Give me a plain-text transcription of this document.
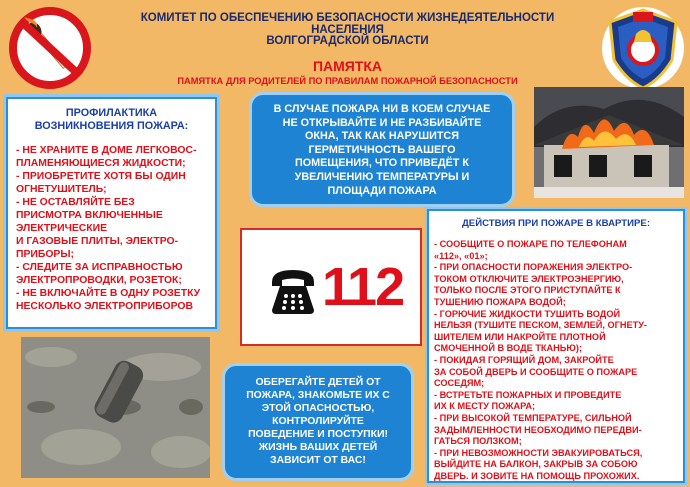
КОМИТЕТ ПО ОБЕСПЕЧЕНИЮ БЕЗОПАСНОСТИ ЖИЗНЕДЕЯТЕЛЬНОСТИ НАСЕЛЕНИЯ
ВОЛГОГРАДСКОЙ ОБЛАСТИ
ПАМЯТКА
ПАМЯТКА ДЛЯ РОДИТЕЛЕЙ ПО ПРАВИЛАМ ПОЖАРНОЙ БЕЗОПАСНОСТИ
ПРОФИЛАКТИКА
ВОЗНИКНОВЕНИЯ ПОЖАРА:
- НЕ ХРАНИТЕ В ДОМЕ ЛЕГКОВОС-
ПЛАМЕНЯЮЩИЕСЯ ЖИДКОСТИ;
- ПРИОБРЕТИТЕ ХОТЯ БЫ ОДИН
ОГНЕТУШИТЕЛЬ;
- НЕ ОСТАВЛЯЙТЕ БЕЗ
ПРИСМОТРА ВКЛЮЧЕННЫЕ
ЭЛЕКТРИЧЕСКИЕ
И ГАЗОВЫЕ ПЛИТЫ, ЭЛЕКТРО-
ПРИБОРЫ;
- СЛЕДИТЕ ЗА ИСПРАВНОСТЬЮ
ЭЛЕКТРОПРОВОДКИ, РОЗЕТОК;
- НЕ ВКЛЮЧАЙТЕ В ОДНУ РОЗЕТКУ
НЕСКОЛЬКО ЭЛЕКТРОПРИБОРОВ
В СЛУЧАЕ ПОЖАРА НИ В КОЕМ СЛУЧАЕ
НЕ ОТКРЫВАЙТЕ И НЕ РАЗБИВАЙТЕ
ОКНА, ТАК КАК НАРУШИТСЯ
ГЕРМЕТИЧНОСТЬ ВАШЕГО
ПОМЕЩЕНИЯ, ЧТО ПРИВЕДЁТ К
УВЕЛИЧЕНИЮ ТЕМПЕРАТУРЫ И
ПЛОЩАДИ ПОЖАРА
112
ДЕЙСТВИЯ ПРИ ПОЖАРЕ В КВАРТИРЕ:
- СООБЩИТЕ О ПОЖАРЕ ПО ТЕЛЕФОНАМ
«112», «01»;
- ПРИ ОПАСНОСТИ ПОРАЖЕНИЯ ЭЛЕКТРО-
ТОКОМ ОТКЛЮЧИТЕ ЭЛЕКТРОЭНЕРГИЮ,
ТОЛЬКО ПОСЛЕ ЭТОГО ПРИСТУПАЙТЕ К
ТУШЕНИЮ ПОЖАРА ВОДОЙ;
- ГОРЮЧИЕ ЖИДКОСТИ ТУШИТЬ ВОДОЙ
НЕЛЬЗЯ (ТУШИТЕ ПЕСКОМ, ЗЕМЛЕЙ, ОГНЕТУ-
ШИТЕЛЕМ ИЛИ НАКРОЙТЕ ПЛОТНОЙ
СМОЧЕННОЙ В ВОДЕ ТКАНЬЮ);
- ПОКИДАЯ ГОРЯЩИЙ ДОМ, ЗАКРОЙТЕ
ЗА СОБОЙ ДВЕРЬ И СООБЩИТЕ О ПОЖАРЕ
СОСЕДЯМ;
- ВСТРЕТЬТЕ ПОЖАРНЫХ И ПРОВЕДИТЕ
ИХ К МЕСТУ ПОЖАРА;
- ПРИ ВЫСОКОЙ ТЕМПЕРАТУРЕ, СИЛЬНОЙ
ЗАДЫМЛЕННОСТИ НЕОБХОДИМО ПЕРЕДВИ-
ГАТЬСЯ ПОЛЗКОМ;
- ПРИ НЕВОЗМОЖНОСТИ ЭВАКУИРОВАТЬСЯ,
ВЫЙДИТЕ НА БАЛКОН, ЗАКРЫВ ЗА СОБОЮ
ДВЕРЬ. И ЗОВИТЕ НА ПОМОЩЬ ПРОХОЖИХ.
ОБЕРЕГАЙТЕ ДЕТЕЙ ОТ
ПОЖАРА, ЗНАКОМЬТЕ ИХ С
ЭТОЙ ОПАСНОСТЬЮ,
КОНТРОЛИРУЙТЕ
ПОВЕДЕНИЕ И ПОСТУПКИ!
ЖИЗНЬ ВАШИХ ДЕТЕЙ
ЗАВИСИТ ОТ ВАС!
